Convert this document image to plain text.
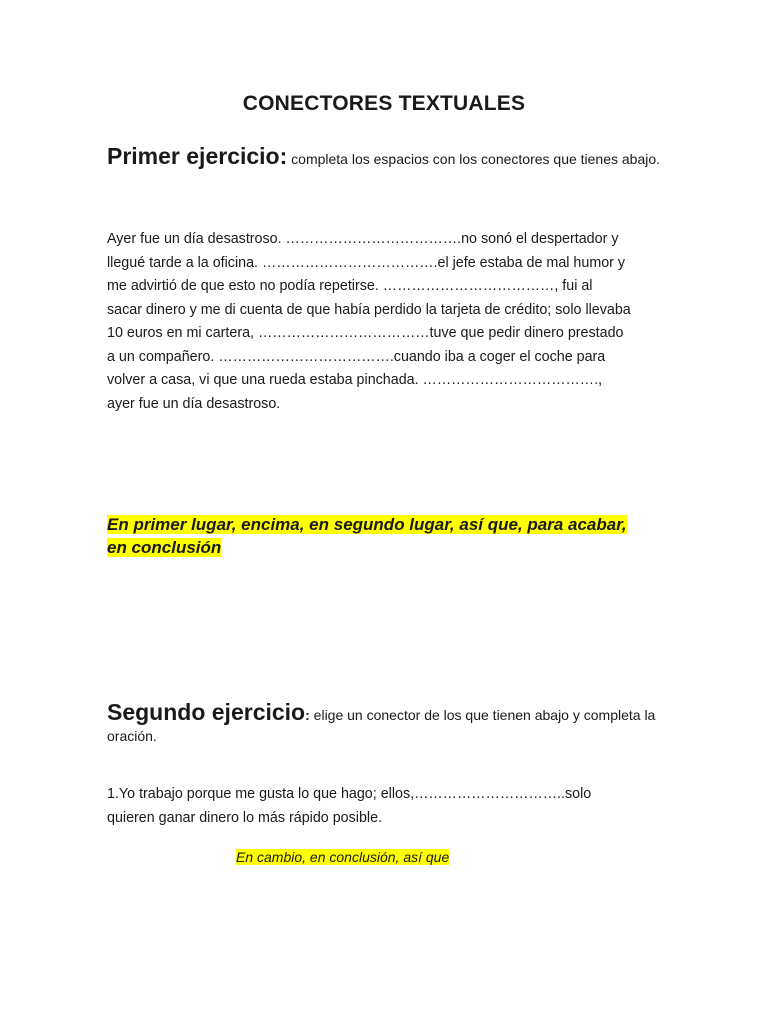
CONECTORES TEXTUALES
Primer ejercicio: completa los espacios con los conectores que tienes abajo.

Ayer fue un día desastroso. ……………………………….no sonó el despertador y

llegué tarde a la oficina. ……………………………….el jefe estaba de mal humor y

me advirtió de que esto no podía repetirse. ………………………………, fui al

sacar dinero y me di cuenta de que había perdido la tarjeta de crédito; solo llevaba

10 euros en mi cartera, ………………………………tuve que pedir dinero prestado

a un compañero. ……………………………….cuando iba a coger el coche para

volver a casa, vi que una rueda estaba pinchada. ……………………………….,

ayer fue un día desastroso.

En primer lugar, encima, en segundo lugar, así que, para acabar,
en conclusión
Segundo ejercicio: elige un conector de los que tienen abajo y completa la oración.

1.Yo trabajo porque me gusta lo que hago; ellos,…………………………..solo

quieren ganar dinero lo más rápido posible.

En cambio, en conclusión, así que
